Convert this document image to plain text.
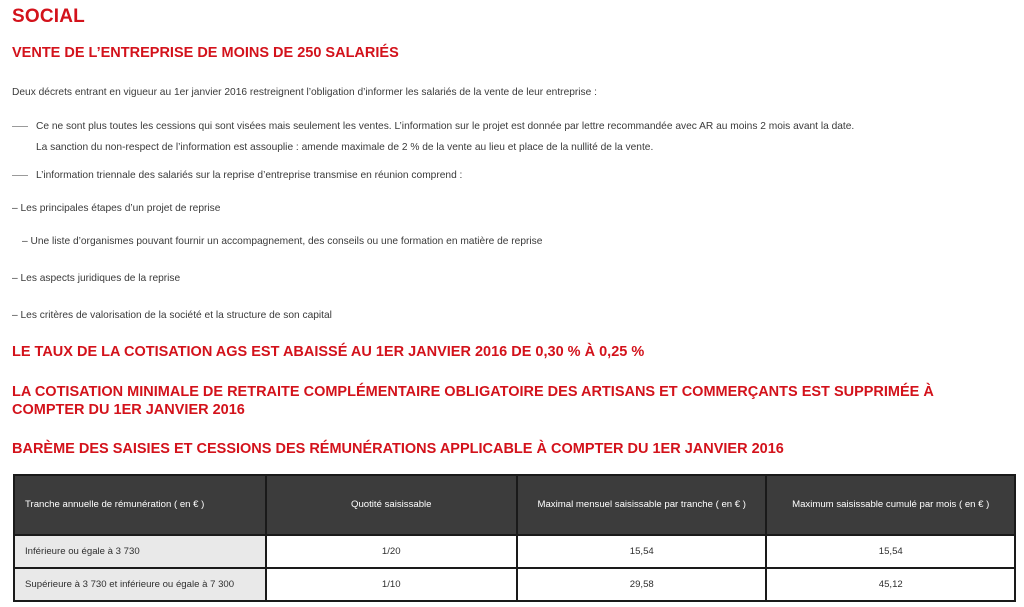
SOCIAL
VENTE DE L’ENTREPRISE DE MOINS DE 250 SALARIÉS
Deux décrets entrant en vigueur au 1er janvier 2016 restreignent l’obligation d’informer les salariés de la vente de leur entreprise :
Ce ne sont plus toutes les cessions qui sont visées mais seulement les ventes. L’information sur le projet est donnée par lettre recommandée avec AR au moins 2 mois avant la date.
La sanction du non-respect de l’information est assouplie : amende maximale de 2 % de la vente au lieu et place de la nullité de la vente.
L’information triennale des salariés sur la reprise d’entreprise transmise en réunion comprend :
– Les principales étapes d’un projet de reprise
– Une liste d’organismes pouvant fournir un accompagnement, des conseils ou une formation en matière de reprise
– Les aspects juridiques de la reprise
– Les critères de valorisation de la société et la structure de son capital
LE TAUX DE LA COTISATION AGS EST ABAISSÉ AU 1ER JANVIER 2016 DE 0,30 % À 0,25 %
LA COTISATION MINIMALE DE RETRAITE COMPLÉMENTAIRE OBLIGATOIRE DES ARTISANS ET COMMERÇANTS EST SUPPRIMÉE À COMPTER DU 1ER JANVIER 2016
BARÈME DES SAISIES ET CESSIONS DES RÉMUNÉRATIONS APPLICABLE À COMPTER DU 1ER JANVIER 2016
Tranche annuelle de rémunération ( en € )	Quotité saisissable	Maximal mensuel saisissable par tranche ( en € )	Maximum saisissable cumulé par mois ( en € )
Inférieure ou égale à 3 730	1/20	15,54	15,54
Supérieure à 3 730 et inférieure ou égale à 7 300	1/10	29,58	45,12
